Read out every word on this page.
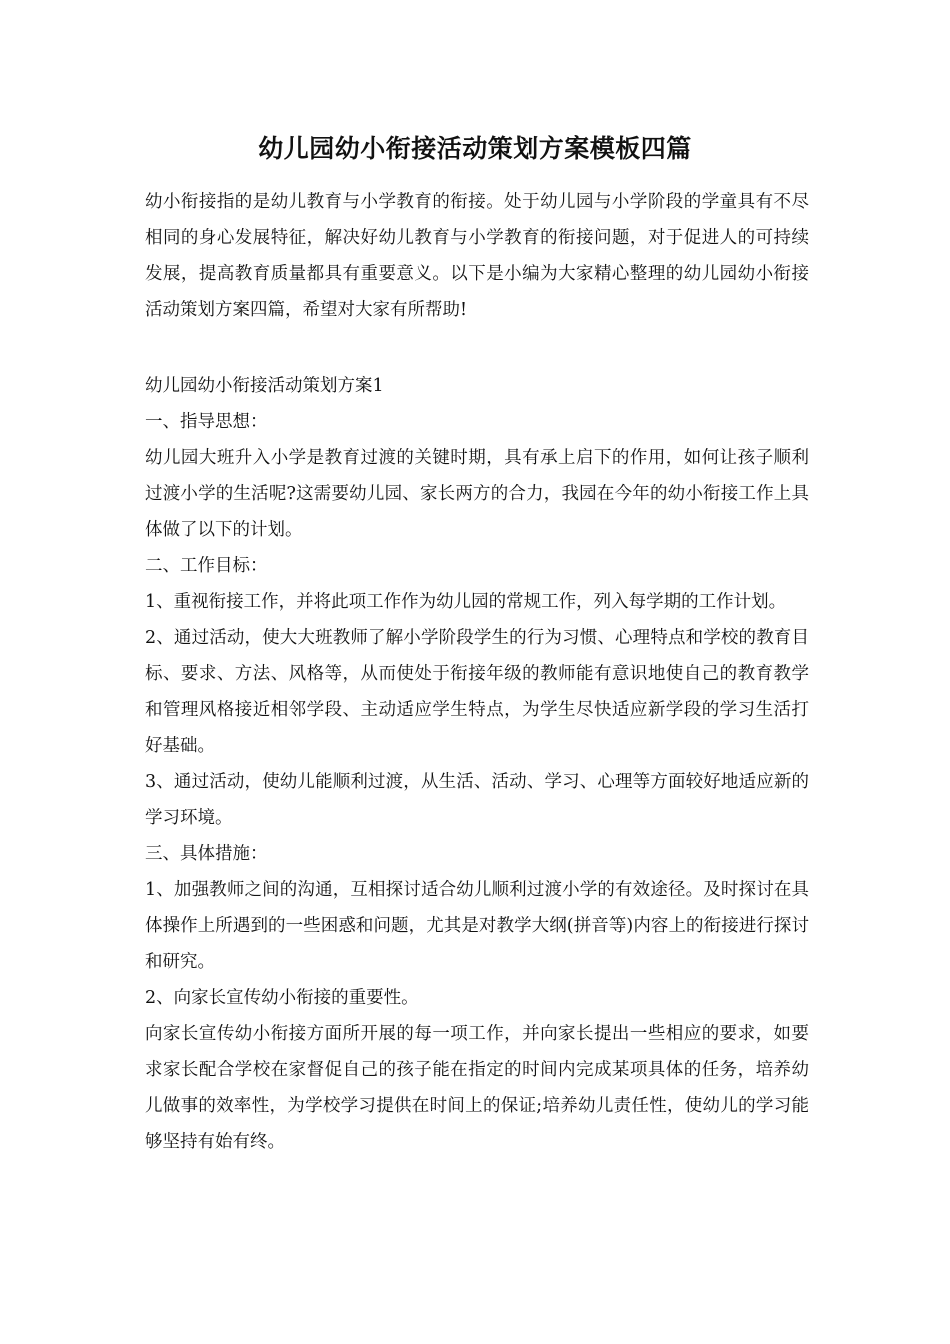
幼儿园幼小衔接活动策划方案模板四篇

幼小衔接指的是幼儿教育与小学教育的衔接。处于幼儿园与小学阶段的学童具有不尽相同的身心发展特征，解决好幼儿教育与小学教育的衔接问题，对于促进人的可持续发展，提高教育质量都具有重要意义。以下是小编为大家精心整理的幼儿园幼小衔接活动策划方案四篇，希望对大家有所帮助!

幼儿园幼小衔接活动策划方案1

一、指导思想：

幼儿园大班升入小学是教育过渡的关键时期，具有承上启下的作用，如何让孩子顺利过渡小学的生活呢?这需要幼儿园、家长两方的合力，我园在今年的幼小衔接工作上具体做了以下的计划。

二、工作目标：

1、重视衔接工作，并将此项工作作为幼儿园的常规工作，列入每学期的工作计划。

2、通过活动，使大大班教师了解小学阶段学生的行为习惯、心理特点和学校的教育目标、要求、方法、风格等，从而使处于衔接年级的教师能有意识地使自己的教育教学和管理风格接近相邻学段、主动适应学生特点，为学生尽快适应新学段的学习生活打好基础。

3、通过活动，使幼儿能顺利过渡，从生活、活动、学习、心理等方面较好地适应新的学习环境。

三、具体措施：

1、加强教师之间的沟通，互相探讨适合幼儿顺利过渡小学的有效途径。及时探讨在具体操作上所遇到的一些困惑和问题，尤其是对教学大纲(拼音等)内容上的衔接进行探讨和研究。

2、向家长宣传幼小衔接的重要性。

向家长宣传幼小衔接方面所开展的每一项工作，并向家长提出一些相应的要求，如要求家长配合学校在家督促自己的孩子能在指定的时间内完成某项具体的任务，培养幼儿做事的效率性，为学校学习提供在时间上的保证;培养幼儿责任性，使幼儿的学习能够坚持有始有终。
